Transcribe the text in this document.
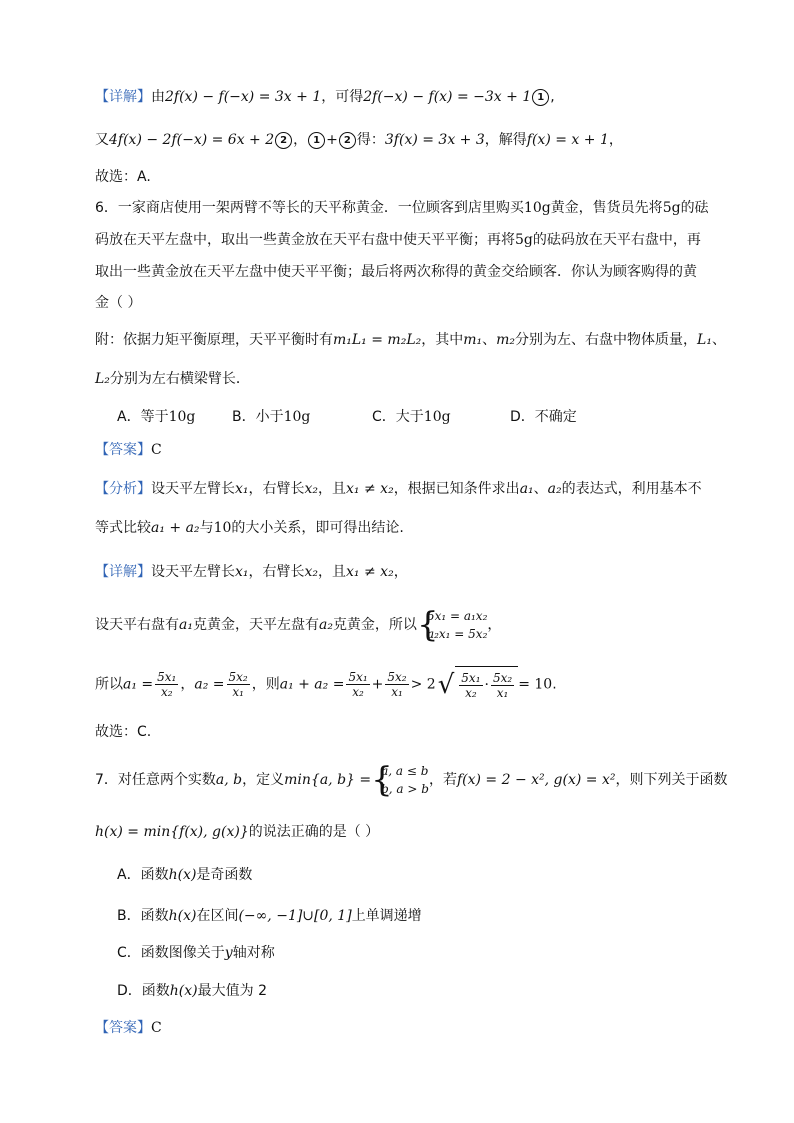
【详解】由2f(x) − f(−x) = 3x + 1，可得2f(−x) − f(x) = −3x + 1 1 ,
又4f(x) − 2f(−x) = 6x + 2 2 ， 1 + 2 得：3f(x) = 3x + 3，解得f(x) = x + 1，
故选：A.
6．一家商店使用一架两臂不等长的天平称黄金．一位顾客到店里购买10g黄金，售货员先将5g的砝
码放在天平左盘中，取出一些黄金放在天平右盘中使天平平衡；再将5g的砝码放在天平右盘中，再
取出一些黄金放在天平左盘中使天平平衡；最后将两次称得的黄金交给顾客．你认为顾客购得的黄
金（ ）
附：依据力矩平衡原理，天平平衡时有m₁L₁ = m₂L₂，其中m₁、m₂分别为左、右盘中物体质量，L₁、
L₂分别为左右横梁臂长．
A．等于10g	B．小于10g	C．大于10g	D．不确定
【答案】C
【分析】设天平左臂长x₁，右臂长x₂，且x₁ ≠ x₂，根据已知条件求出a₁、a₂的表达式，利用基本不
等式比较a₁ + a₂与10的大小关系，即可得出结论.
【详解】设天平左臂长x₁，右臂长x₂，且x₁ ≠ x₂，
设天平右盘有a₁克黄金，天平左盘有a₂克黄金，所以 {
5x₁ = a₁x₂
a₂x₁ = 5x₂
，
所以$a_1 = \frac{\text{5x₁}}{\text{x₂}}$ ，$a_2 = \frac{\text{5x₂}}{\text{x₁}}$ ，则$a_1 + a_2 = \frac{\text{5x₁}}{\text{x₂}} + \frac{\text{5x₂}}{\text{x₁}} > 2√ \frac{\text{5x₁}}{\text{x₂}} \cdot \frac{\text{5x₂}}{\text{x₁}} = 10$.
故选：C.
7．对任意两个实数a, b，定义min{a, b} = {
a, a ≤ b
b, a > b
，若f(x) = 2 − x², g(x) = x²，则下列关于函数
h(x) = min{f(x), g(x)}的说法正确的是（ ）
A．函数h(x)是奇函数
B．函数h(x)在区间(−∞, −1]∪[0, 1]上单调递增
C．函数图像关于y轴对称
D．函数h(x)最大值为 2
【答案】C
